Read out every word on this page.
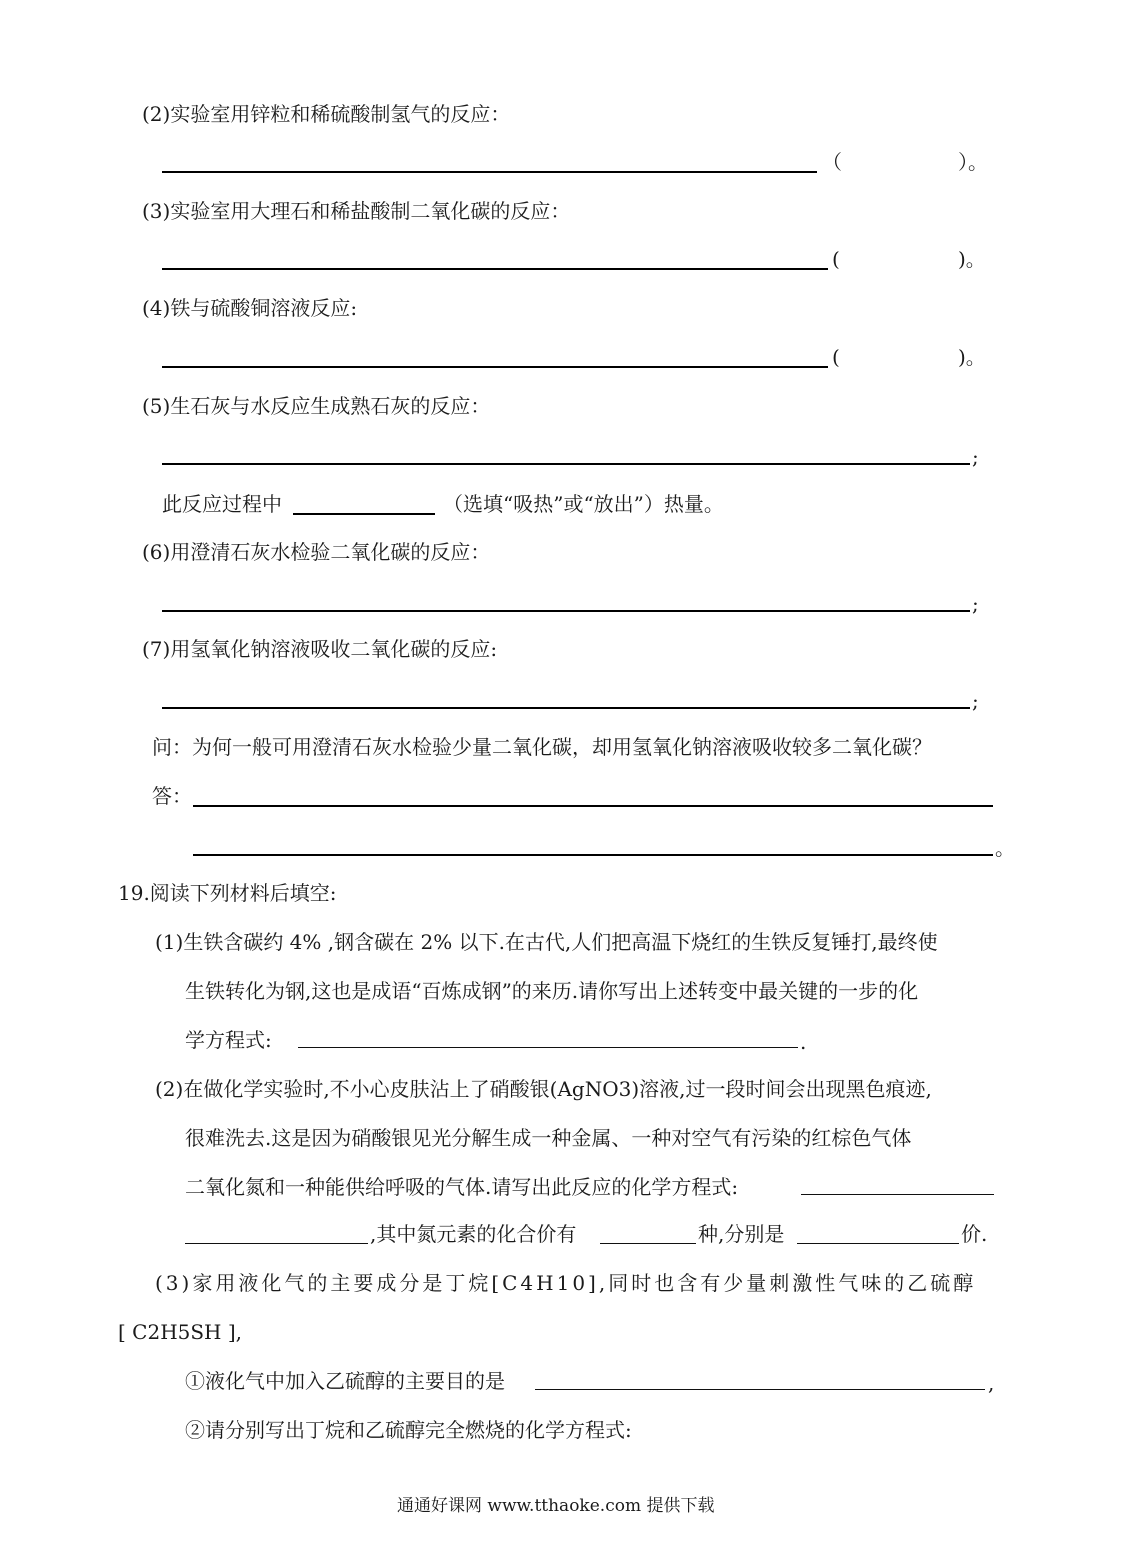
(2)实验室用锌粒和稀硫酸制氢气的反应：
（	）。
(3)实验室用大理石和稀盐酸制二氧化碳的反应：
(	)。
(4)铁与硫酸铜溶液反应:
(	)。
(5)生石灰与水反应生成熟石灰的反应：
;
此反应过程中	（选填“吸热”或“放出”）热量。
(6)用澄清石灰水检验二氧化碳的反应：
;
(7)用氢氧化钠溶液吸收二氧化碳的反应:
;
问：为何一般可用澄清石灰水检验少量二氧化碳，却用氢氧化钠溶液吸收较多二氧化碳？
答：
。
19.阅读下列材料后填空:
(1)生铁含碳约 4% ,钢含碳在 2% 以下.在古代,人们把高温下烧红的生铁反复锤打,最终使
生铁转化为钢,这也是成语“百炼成钢”的来历.请你写出上述转变中最关键的一步的化
学方程式:	.
(2)在做化学实验时,不小心皮肤沾上了硝酸银(AgNO3)溶液,过一段时间会出现黑色痕迹,
很难洗去.这是因为硝酸银见光分解生成一种金属、一种对空气有污染的红棕色气体
二氧化氮和一种能供给呼吸的气体.请写出此反应的化学方程式:
,其中氮元素的化合价有	种,分别是	价.
(3)家用液化气的主要成分是丁烷[C4H10],同时也含有少量刺激性气味的乙硫醇
[ C2H5SH ],
①液化气中加入乙硫醇的主要目的是	,
②请分别写出丁烷和乙硫醇完全燃烧的化学方程式:
通通好课网 www.tthaoke.com 提供下载
